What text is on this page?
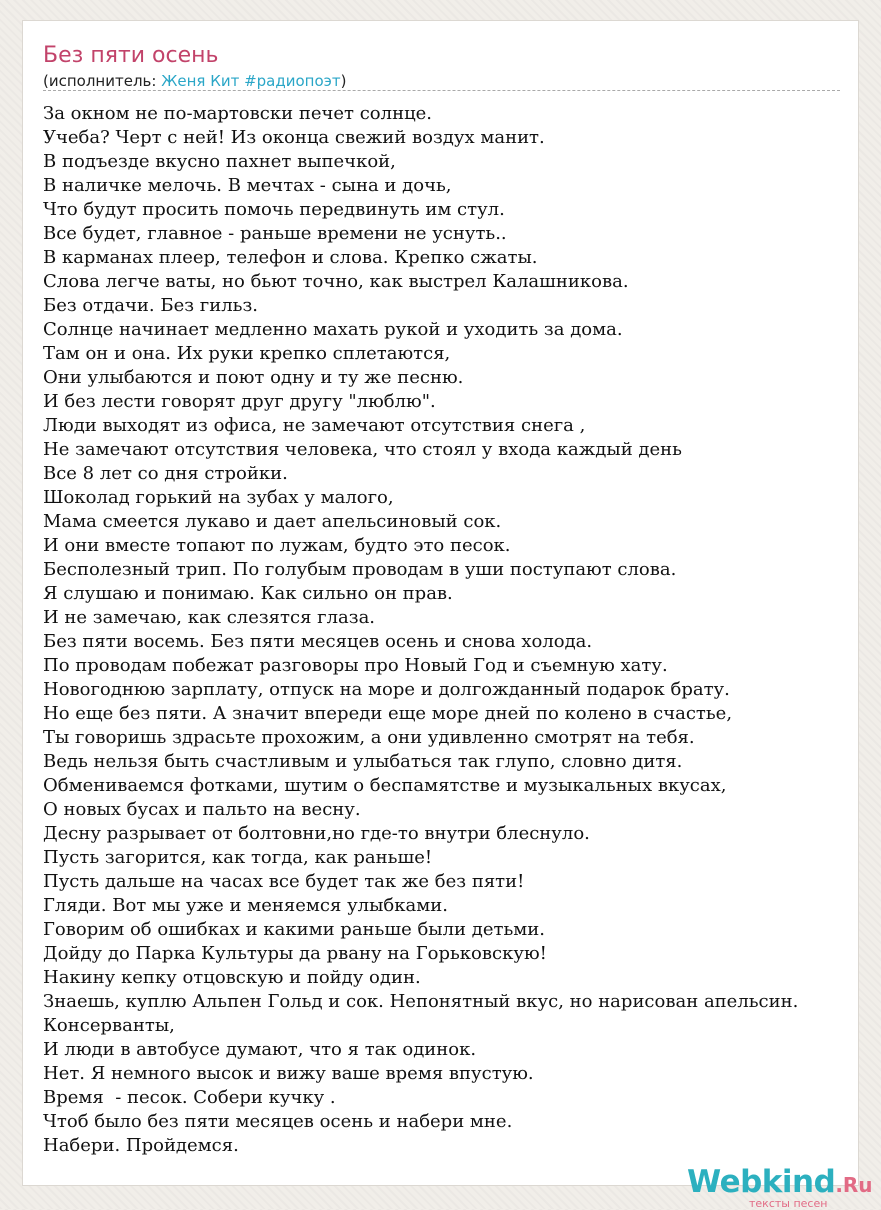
Без пяти осень
(исполнитель: Женя Кит #радиопоэт)
За окном не по-мартовски печет солнце.
Учеба? Черт с ней! Из оконца свежий воздух манит.
В подъезде вкусно пахнет выпечкой,
В наличке мелочь. В мечтах - сына и дочь,
Что будут просить помочь передвинуть им стул.
Все будет, главное - раньше времени не уснуть..
В карманах плеер, телефон и слова. Крепко сжаты.
Слова легче ваты, но бьют точно, как выстрел Калашникова.
Без отдачи. Без гильз.
Солнце начинает медленно махать рукой и уходить за дома.
Там он и она. Их руки крепко сплетаются,
Они улыбаются и поют одну и ту же песню.
И без лести говорят друг другу "люблю".
Люди выходят из офиса, не замечают отсутствия снега ,
Не замечают отсутствия человека, что стоял у входа каждый день
Все 8 лет со дня стройки.
Шоколад горький на зубах у малого,
Мама смеется лукаво и дает апельсиновый сок.
И они вместе топают по лужам, будто это песок.
Бесполезный трип. По голубым проводам в уши поступают слова.
Я слушаю и понимаю. Как сильно он прав.
И не замечаю, как слезятся глаза.
Без пяти восемь. Без пяти месяцев осень и снова холода.
По проводам побежат разговоры про Новый Год и съемную хату.
Новогоднюю зарплату, отпуск на море и долгожданный подарок брату.
Но еще без пяти. А значит впереди еще море дней по колено в счастье,
Ты говоришь здрасьте прохожим, а они удивленно смотрят на тебя.
Ведь нельзя быть счастливым и улыбаться так глупо, словно дитя.
Обмениваемся фотками, шутим о беспамятстве и музыкальных вкусах,
О новых бусах и пальто на весну.
Десну разрывает от болтовни,но где-то внутри блеснуло.
Пусть загорится, как тогда, как раньше!
Пусть дальше на часах все будет так же без пяти!
Гляди. Вот мы уже и меняемся улыбками.
Говорим об ошибках и какими раньше были детьми.
Дойду до Парка Культуры да рвану на Горьковскую!
Накину кепку отцовскую и пойду один.
Знаешь, куплю Альпен Гольд и сок. Непонятный вкус, но нарисован апельсин.
Консерванты,
И люди в автобусе думают, что я так одинок.
Нет. Я немного высок и вижу ваше время впустую.
Время  - песок. Собери кучку .
Чтоб было без пяти месяцев осень и набери мне.
Набери. Пройдемся.
Webkind.Ru
тексты песен
